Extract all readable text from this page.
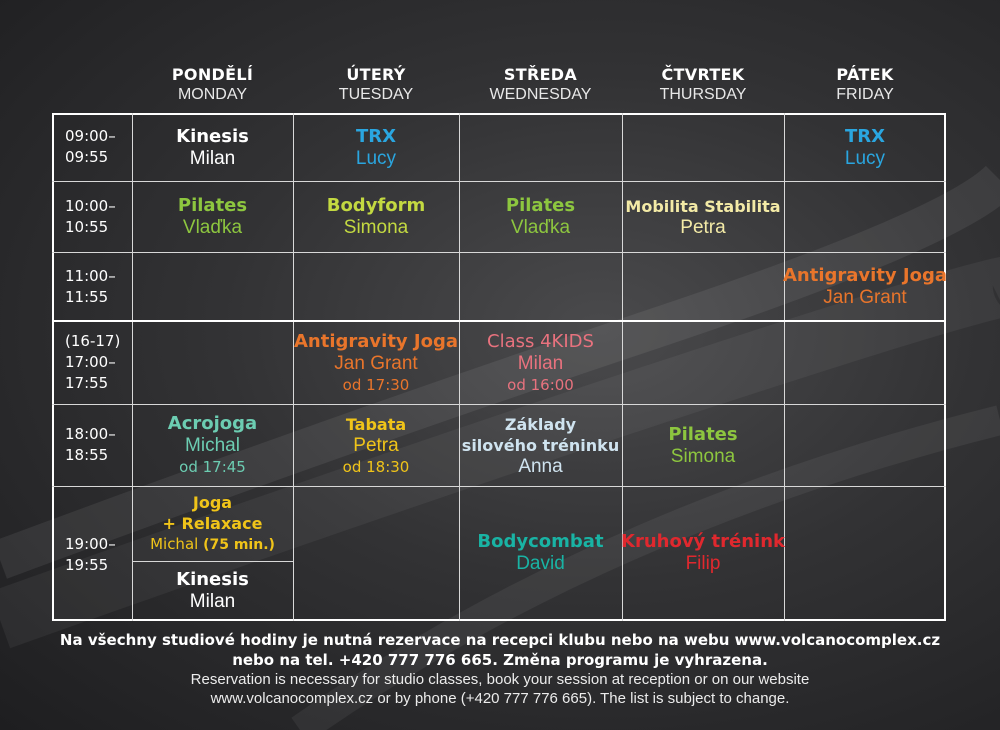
PONDĚLÍ
MONDAY
ÚTERÝ
TUESDAY
STŘEDA
WEDNESDAY
ČTVRTEK
THURSDAY
PÁTEK
FRIDAY
09:00–
09:55
10:00–
10:55
11:00–
11:55
(16-17)
17:00–
17:55
18:00–
18:55
19:00–
19:55
Kinesis
Milan
TRX
Lucy
TRX
Lucy
Pilates
Vlaďka
Bodyform
Simona
Pilates
Vlaďka
Mobilita Stabilita
Petra
Antigravity Joga
Jan Grant
Antigravity Joga
Jan Grant
od 17:30
Class 4KIDS
Milan
od 16:00
Acrojoga
Michal
od 17:45
Tabata
Petra
od 18:30
Základy
silového tréninku
Anna
Pilates
Simona
Joga
+ Relaxace
Michal (75 min.)
Kinesis
Milan
Bodycombat
David
Kruhový trénink
Filip
Na všechny studiové hodiny je nutná rezervace na recepci klubu nebo na webu www.volcanocomplex.cz
nebo na tel. +420 777 776 665. Změna programu je vyhrazena.
Reservation is necessary for studio classes, book your session at reception or on our website
www.volcanocomplex.cz or by phone (+420 777 776 665). The list is subject to change.
